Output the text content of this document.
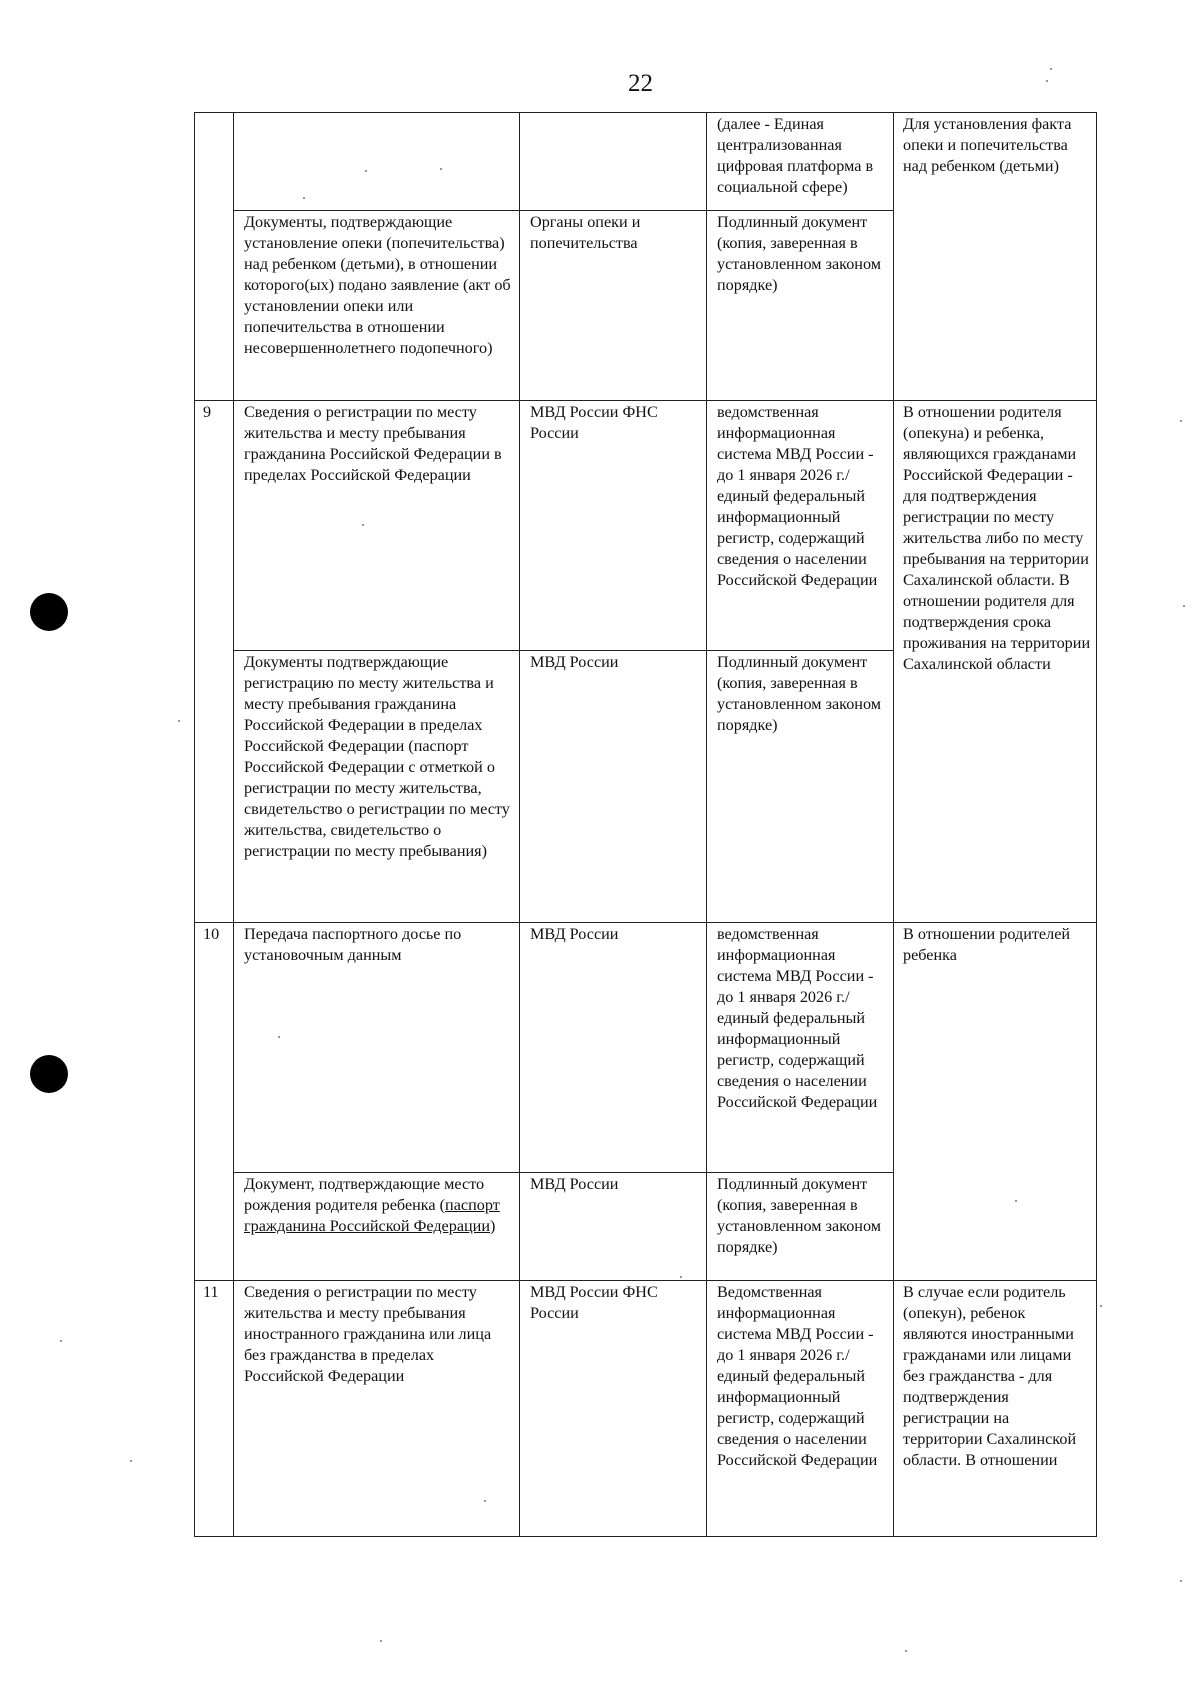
22
			(далее - Единая централизованная цифровая платформа в социальной сфере)	Для установления факта опеки и попечительства над ребенком (детьми)
	Документы, подтверждающие установление опеки (попечительства) над ребенком (детьми), в отношении которого(ых) подано заявление (акт об установлении опеки или попечительства в отношении несовершеннолетнего подопечного)	Органы опеки и попечительства	Подлинный документ (копия, заверенная в установленном законом порядке)	
9	Сведения о регистрации по месту жительства и месту пребывания гражданина Российской Федерации в пределах Российской Федерации	МВД России ФНС России	ведомственная информационная система МВД России - до 1 января 2026 г./единый федеральный информационный регистр, содержащий сведения о населении Российской Федерации	В отношении родителя (опекуна) и ребенка, являющихся гражданами Российской Федерации - для подтверждения регистрации по месту жительства либо по месту пребывания на территории Сахалинской области. В отношении родителя для подтверждения срока проживания на территории Сахалинской области
	Документы подтверждающие регистрацию по месту жительства и месту пребывания гражданина Российской Федерации в пределах Российской Федерации (паспорт Российской Федерации с отметкой о регистрации по месту жительства, свидетельство о регистрации по месту жительства, свидетельство о регистрации по месту пребывания)	МВД России	Подлинный документ (копия, заверенная в установленном законом порядке)	
10	Передача паспортного досье по установочным данным	МВД России	ведомственная информационная система МВД России - до 1 января 2026 г./единый федеральный информационный регистр, содержащий сведения о населении Российской Федерации	В отношении родителей ребенка
	Документ, подтверждающие место рождения родителя ребенка (паспорт гражданина Российской Федерации)	МВД России	Подлинный документ (копия, заверенная в установленном законом порядке)	
11	Сведения о регистрации по месту жительства и месту пребывания иностранного гражданина или лица без гражданства в пределах Российской Федерации	МВД России ФНС России	Ведомственная информационная система МВД России - до 1 января 2026 г./единый федеральный информационный регистр, содержащий сведения о населении Российской Федерации	В случае если родитель (опекун), ребенок являются иностранными гражданами или лицами без гражданства - для подтверждения регистрации на территории Сахалинской области. В отношении
